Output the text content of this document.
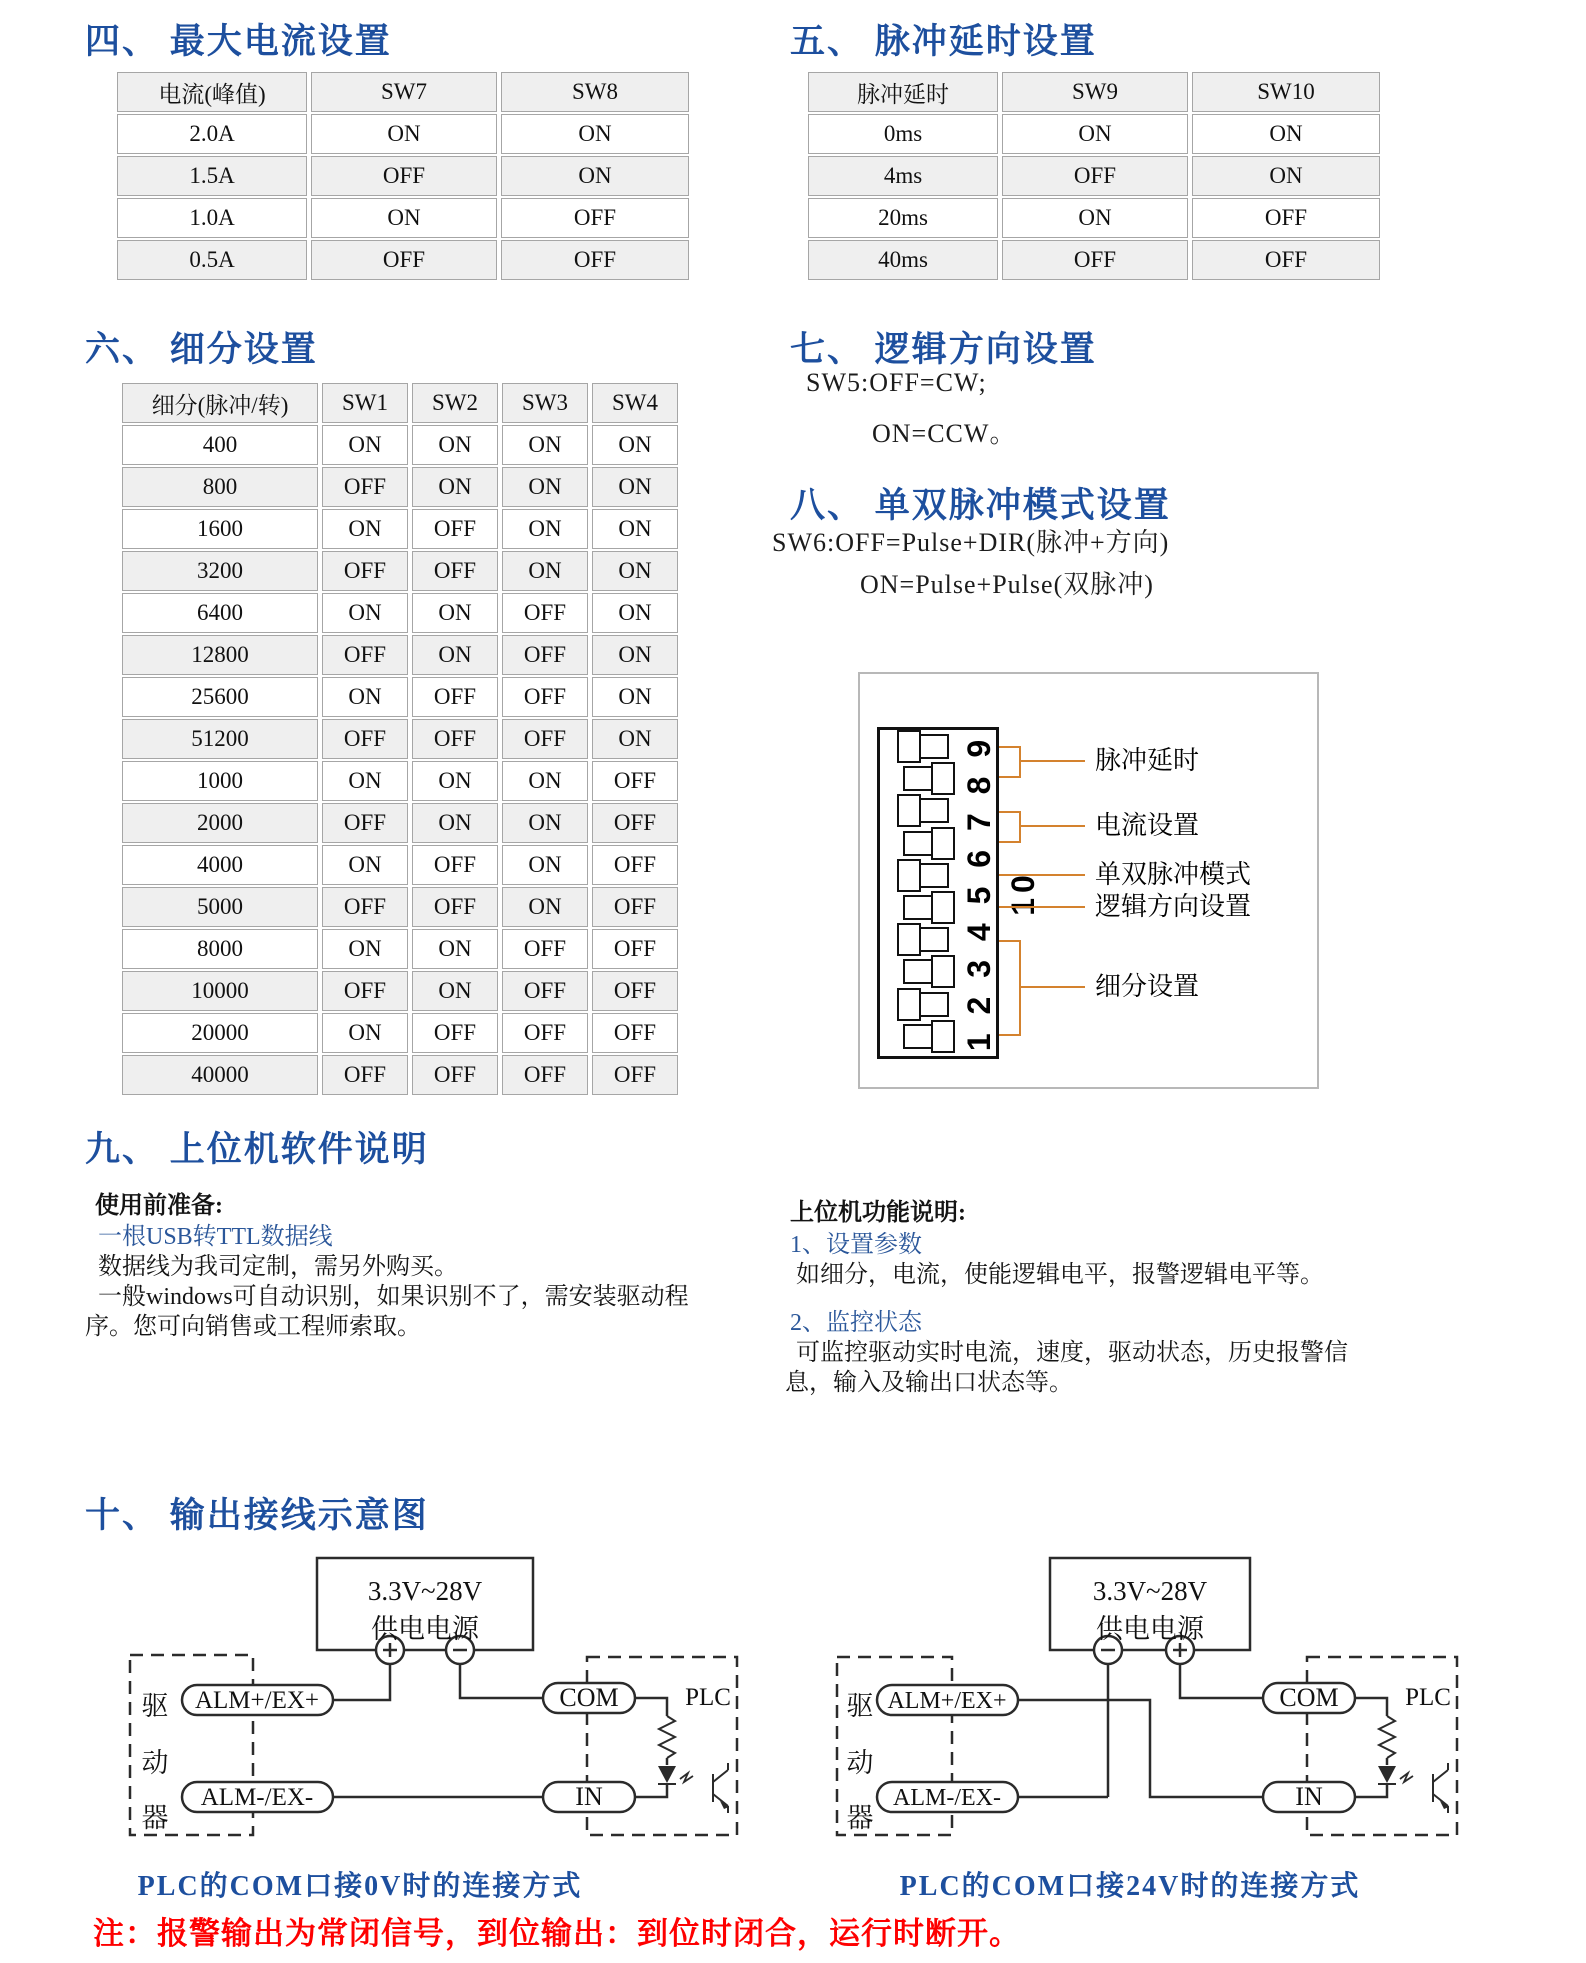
四、 最大电流设置	五、 脉冲延时设置
六、 细分设置	七、 逻辑方向设置
八、 单双脉冲模式设置
九、 上位机软件说明
十、 输出接线示意图
电流(峰值)	SW7	SW8
2.0A	ON	ON
1.5A	OFF	ON
1.0A	ON	OFF
0.5A	OFF	OFF
脉冲延时	SW9	SW10
0ms	ON	ON
4ms	OFF	ON
20ms	ON	OFF
40ms	OFF	OFF
细分(脉冲/转)	SW1	SW2	SW3	SW4
400	ON	ON	ON	ON
800	OFF	ON	ON	ON
1600	ON	OFF	ON	ON
3200	OFF	OFF	ON	ON
6400	ON	ON	OFF	ON
12800	OFF	ON	OFF	ON
25600	ON	OFF	OFF	ON
51200	OFF	OFF	OFF	ON
1000	ON	ON	ON	OFF
2000	OFF	ON	ON	OFF
4000	ON	OFF	ON	OFF
5000	OFF	OFF	ON	OFF
8000	ON	ON	OFF	OFF
10000	OFF	ON	OFF	OFF
20000	ON	OFF	OFF	OFF
40000	OFF	OFF	OFF	OFF
SW5:OFF=CW;
ON=CCW。
SW6:OFF=Pulse+DIR(脉冲+方向)
ON=Pulse+Pulse(双脉冲)
1 2 3 4 5 6 7 8 9 10
脉冲延时
电流设置
单双脉冲模式
逻辑方向设置
细分设置
使用前准备:
一根USB转TTL数据线
数据线为我司定制，需另外购买。
一般windows可自动识别，如果识别不了，需安装驱动程
序。您可向销售或工程师索取。
上位机功能说明:
1、设置参数
如细分，电流，使能逻辑电平，报警逻辑电平等。
2、监控状态
可监控驱动实时电流，速度，驱动状态，历史报警信
息，输入及输出口状态等。
3.3V~28V
供电电源
驱
动
器
ALM+/EX+
ALM-/EX-
COM
IN
PLC
3.3V~28V
供电电源
驱
动
器
ALM+/EX+
ALM-/EX-
COM
IN
PLC
PLC的COM口接0V时的连接方式	PLC的COM口接24V时的连接方式
注：报警输出为常闭信号，到位输出：到位时闭合，运行时断开。
